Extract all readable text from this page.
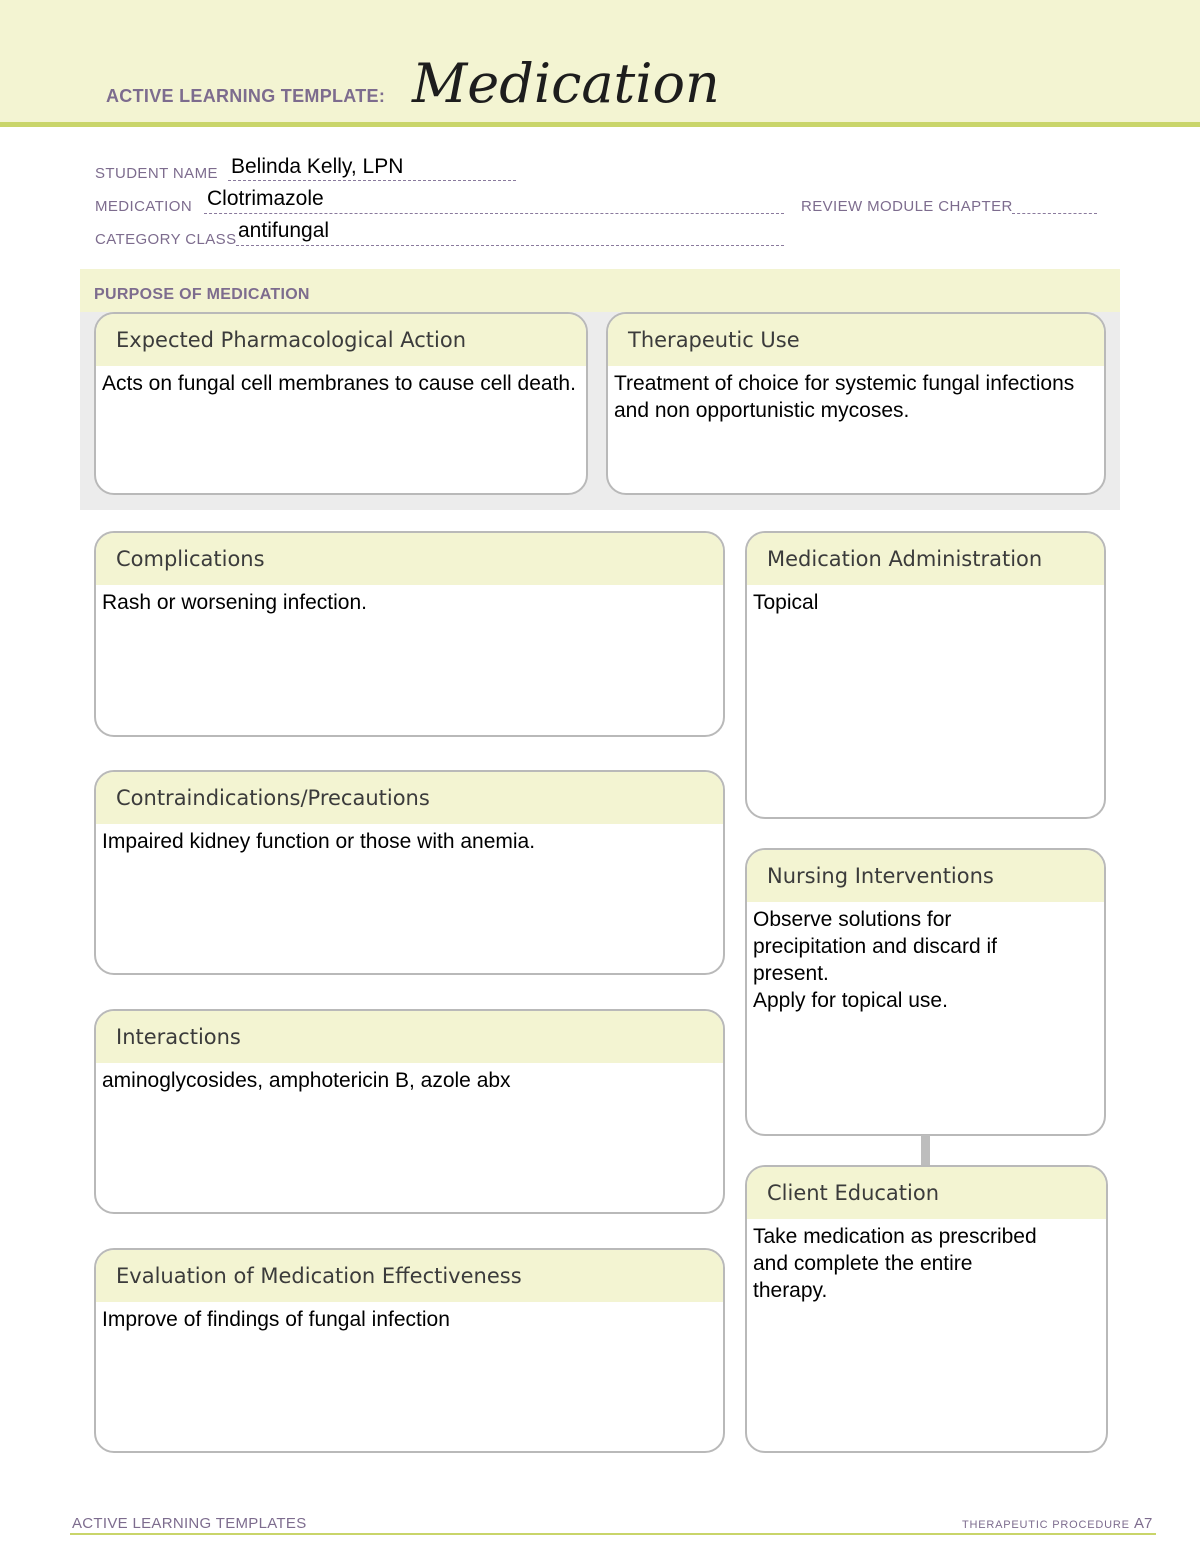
ACTIVE LEARNING TEMPLATE: Medication
STUDENT NAME Belinda Kelly, LPN
MEDICATION Clotrimazole	REVIEW MODULE CHAPTER
CATEGORY CLASS antifungal
PURPOSE OF MEDICATION
Expected Pharmacological Action
Acts on fungal cell membranes to cause cell death.
Therapeutic Use
Treatment of choice for systemic fungal infections and non opportunistic mycoses.
Complications
Rash or worsening infection.
Contraindications/Precautions
Impaired kidney function or those with anemia.
Interactions
aminoglycosides, amphotericin B, azole abx
Evaluation of Medication Effectiveness
Improve of findings of fungal infection
Medication Administration
Topical
Nursing Interventions
Observe solutions for
precipitation and discard if
present.
Apply for topical use.
Client Education
Take medication as prescribed
and complete the entire
therapy.
ACTIVE LEARNING TEMPLATES	THERAPEUTIC PROCEDURE A7
